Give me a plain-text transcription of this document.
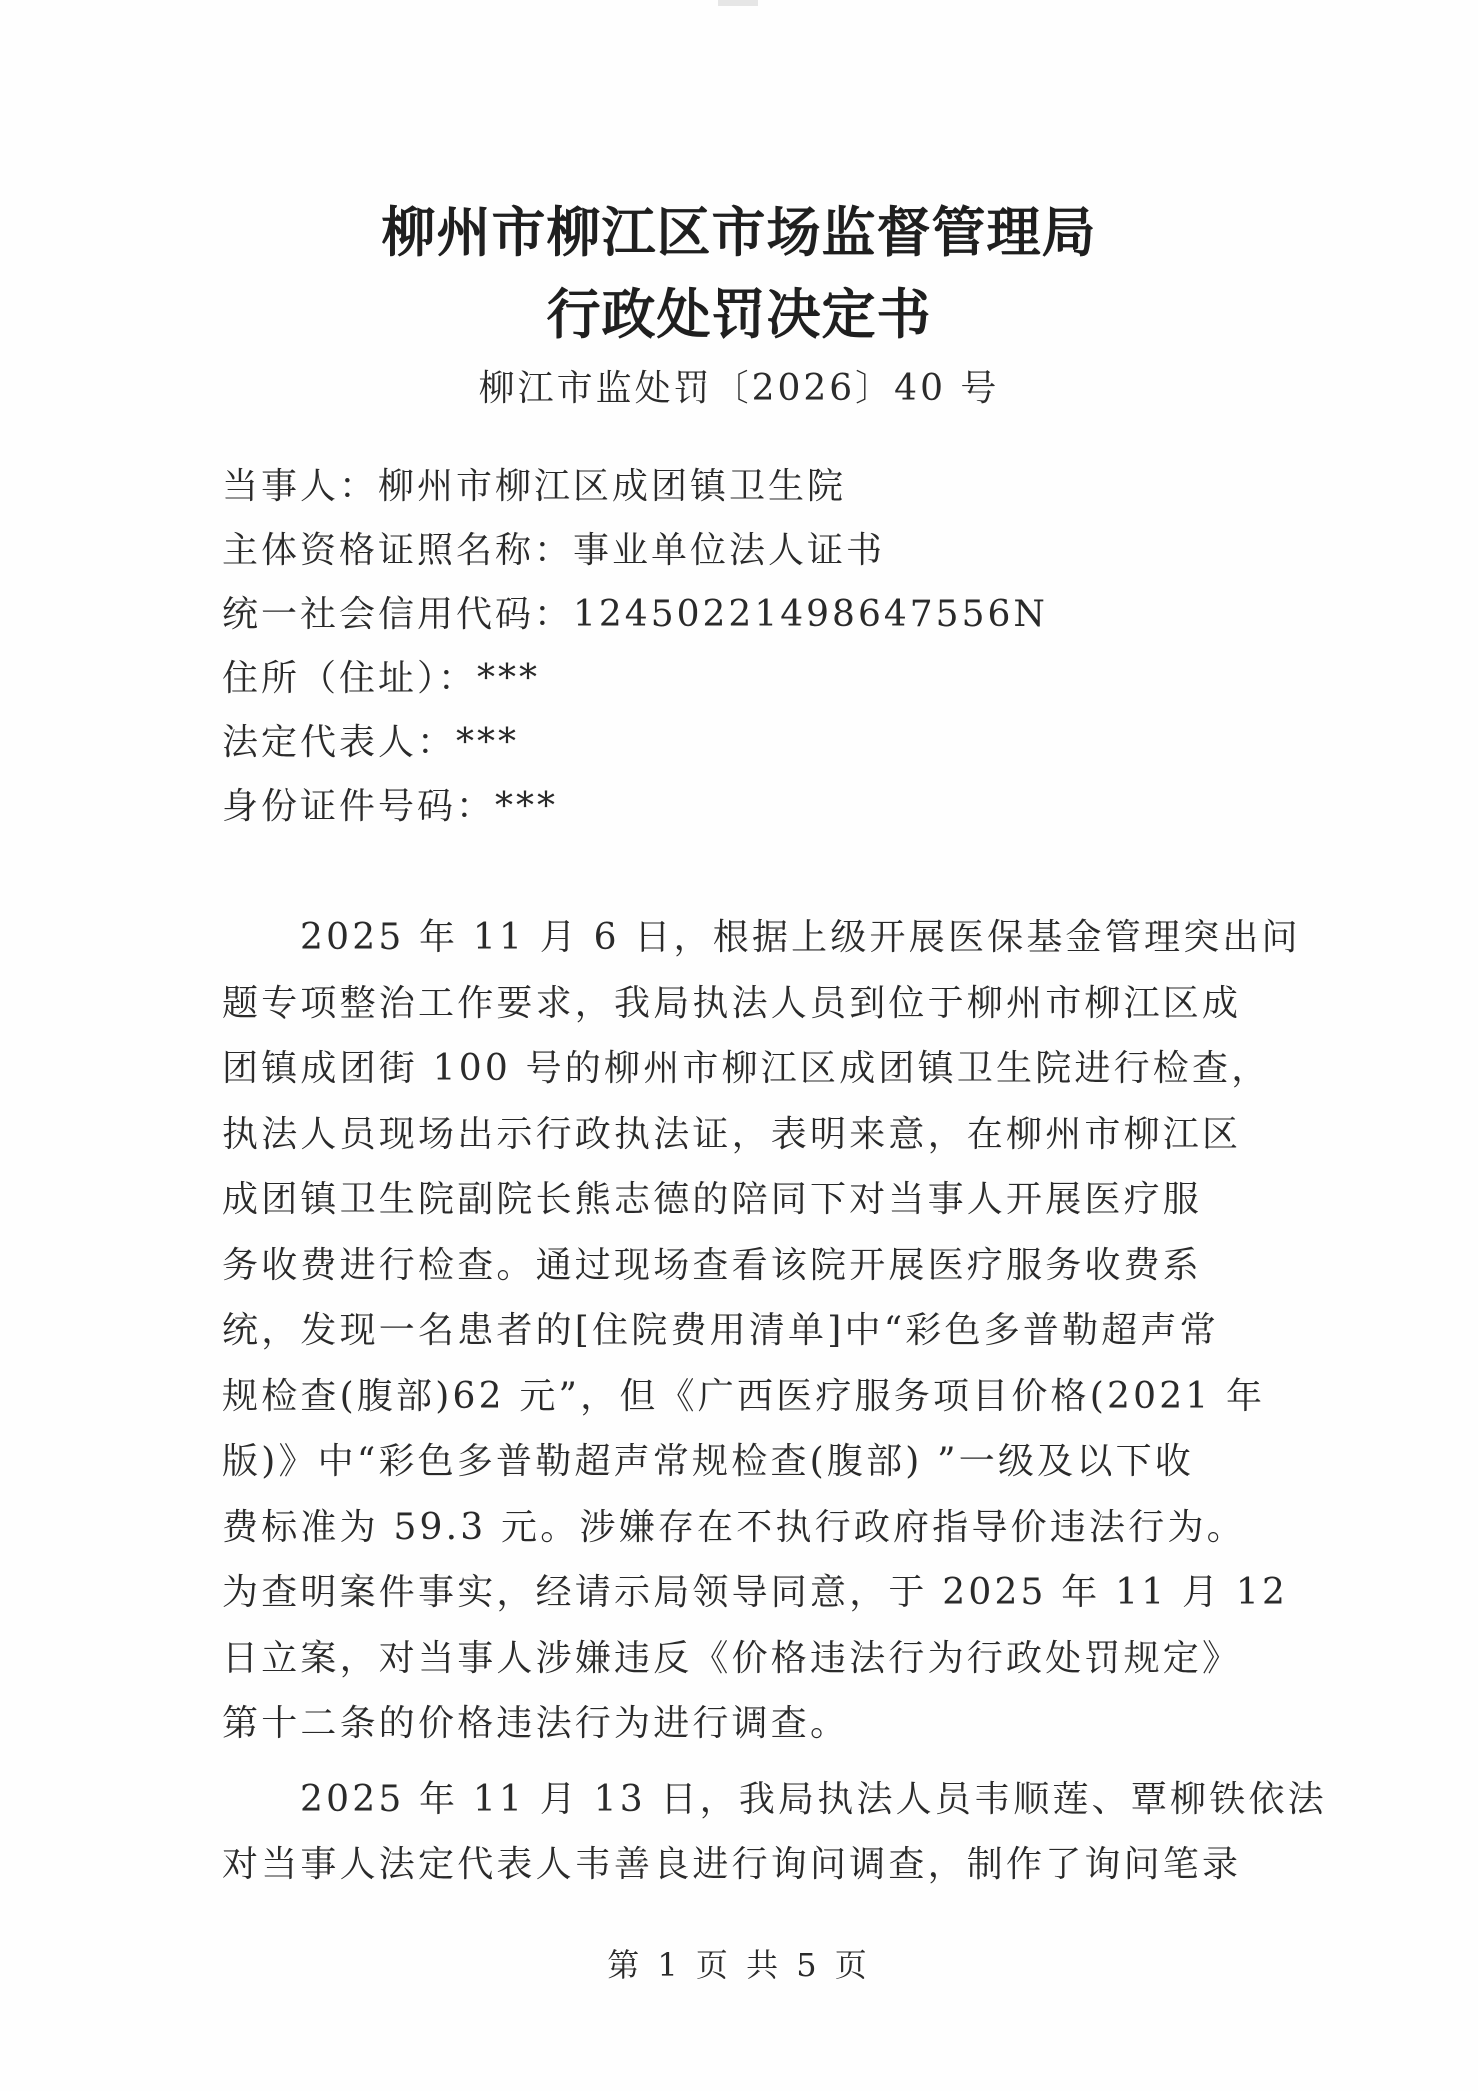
柳州市柳江区市场监督管理局
行政处罚决定书
柳江市监处罚〔2026〕40 号
当事人：柳州市柳江区成团镇卫生院
主体资格证照名称：事业单位法人证书
统一社会信用代码：12450221498647556N
住所（住址）：***
法定代表人：***
身份证件号码：***
2025 年 11 月 6 日，根据上级开展医保基金管理突出问
题专项整治工作要求，我局执法人员到位于柳州市柳江区成
团镇成团街 100 号的柳州市柳江区成团镇卫生院进行检查，
执法人员现场出示行政执法证，表明来意，在柳州市柳江区
成团镇卫生院副院长熊志德的陪同下对当事人开展医疗服
务收费进行检查。通过现场查看该院开展医疗服务收费系
统，发现一名患者的[住院费用清单]中“彩色多普勒超声常
规检查(腹部)62 元”，但《广西医疗服务项目价格(2021 年
版)》中“彩色多普勒超声常规检查(腹部) ”一级及以下收
费标准为 59.3 元。涉嫌存在不执行政府指导价违法行为。
为查明案件事实，经请示局领导同意，于 2025 年 11 月 12
日立案，对当事人涉嫌违反《价格违法行为行政处罚规定》
第十二条的价格违法行为进行调查。
2025 年 11 月 13 日，我局执法人员韦顺莲、覃柳铁依法
对当事人法定代表人韦善良进行询问调查，制作了询问笔录
第 1 页 共 5 页
